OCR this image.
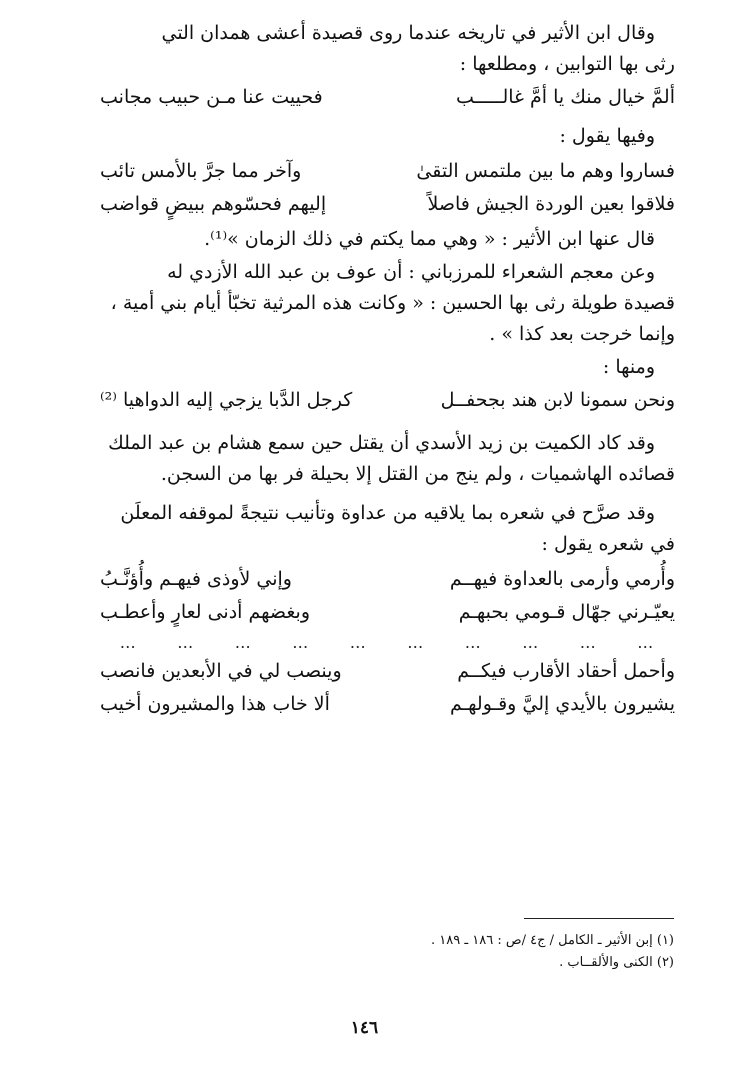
وقال ابن الأثير في تاريخه عندما روى قصيدة أعشى همدان التي
رثى بها التوابين ، ومطلعها :

ألمَّ خيال منك يا أمَّ غالـــــب
فحييت عنا مـن حبيب مجانب

وفيها يقول :

فساروا وهم ما بين ملتمس التقىٰ
وآخر مما جرَّ بالأمس تائب
فلاقوا بعين الوردة الجيش فاصلاً
إليهم فحسّوهم ببيضٍ قواضب

قال عنها ابن الأثير : « وهي مما يكتم في ذلك الزمان »⁽¹⁾.

وعن معجم الشعراء للمرزباني : أن عوف بن عبد الله الأزدي له
قصيدة طويلة رثى بها الحسين : « وكانت هذه المرثية تخبّأ أيام بني أمية ،
وإنما خرجت بعد كذا » .

ومنها :

ونحن سمونا لابن هند بجحفــل
كرجل الدَّبا يزجي إليه الدواهيا ⁽²⁾

وقد كاد الكميت بن زيد الأسدي أن يقتل حين سمع هشام بن عبد الملك
قصائده الهاشميات ، ولم ينج من القتل إلا بحيلة فر بها من السجن.

وقد صرَّح في شعره بما يلاقيه من عداوة وتأنيب نتيجةً لموقفه المعلَن
في شعره يقول :

وأُرمي وأرمى بالعداوة فيهــم
وإني لأوذى فيهـم وأُؤنَّـبُ
يعيّـرني جهّال قـومي بحبهـم
وبغضهم أدنى لعارٍ وأعطـب
…
…
…
…
…
…
…
…
…
…
وأحمل أحقاد الأقارب فيكــم
وينصب لي في الأبعدين فانصب
يشيرون بالأيدي إليَّ وقـولهـم
ألا خاب هذا والمشيرون أخيب
(١) إبن الأثير ـ الكامل / ج٤ /ص : ١٨٦ ـ ١٨٩ .
(٢) الكنى والألقــاب .
١٤٦
